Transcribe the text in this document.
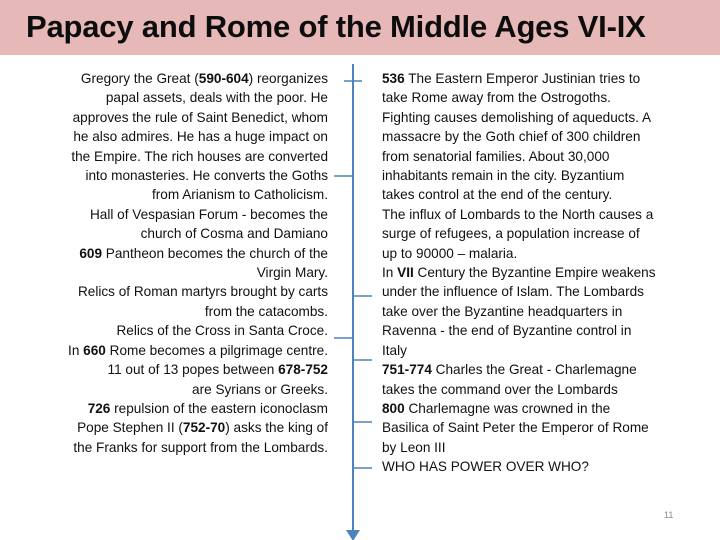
Papacy and Rome of the Middle Ages VI-IX
Gregory the Great (590-604) reorganizes
papal assets, deals with the poor. He
approves the rule of Saint Benedict, whom
he also admires. He has a huge impact on
the Empire. The rich houses are converted
into monasteries. He converts the Goths
from Arianism to Catholicism.
Hall of Vespasian Forum - becomes the
church of Cosma and Damiano
609 Pantheon becomes the church of the
Virgin Mary.
Relics of Roman martyrs brought by carts
from the catacombs.
Relics of the Cross in Santa Croce.
In 660 Rome becomes a pilgrimage centre.
11 out of 13 popes between 678-752
are Syrians or Greeks.
726 repulsion of the eastern iconoclasm
Pope Stephen II (752-70) asks the king of
the Franks for support from the Lombards.
536 The Eastern Emperor Justinian tries to
take Rome away from the Ostrogoths.
Fighting causes demolishing of aqueducts. A
massacre by the Goth chief of 300 children
from senatorial families. About 30,000
inhabitants remain in the city. Byzantium
takes control at the end of the century.
The influx of Lombards to the North causes a
surge of refugees, a population increase of
up to 90000 – malaria.
In VII Century the Byzantine Empire weakens
under the influence of Islam. The Lombards
take over the Byzantine headquarters in
Ravenna - the end of Byzantine control in
Italy
751-774 Charles the Great - Charlemagne
takes the command over the Lombards
800 Charlemagne was crowned in the
Basilica of Saint Peter the Emperor of Rome
by Leon III
WHO HAS POWER OVER WHO?
11
